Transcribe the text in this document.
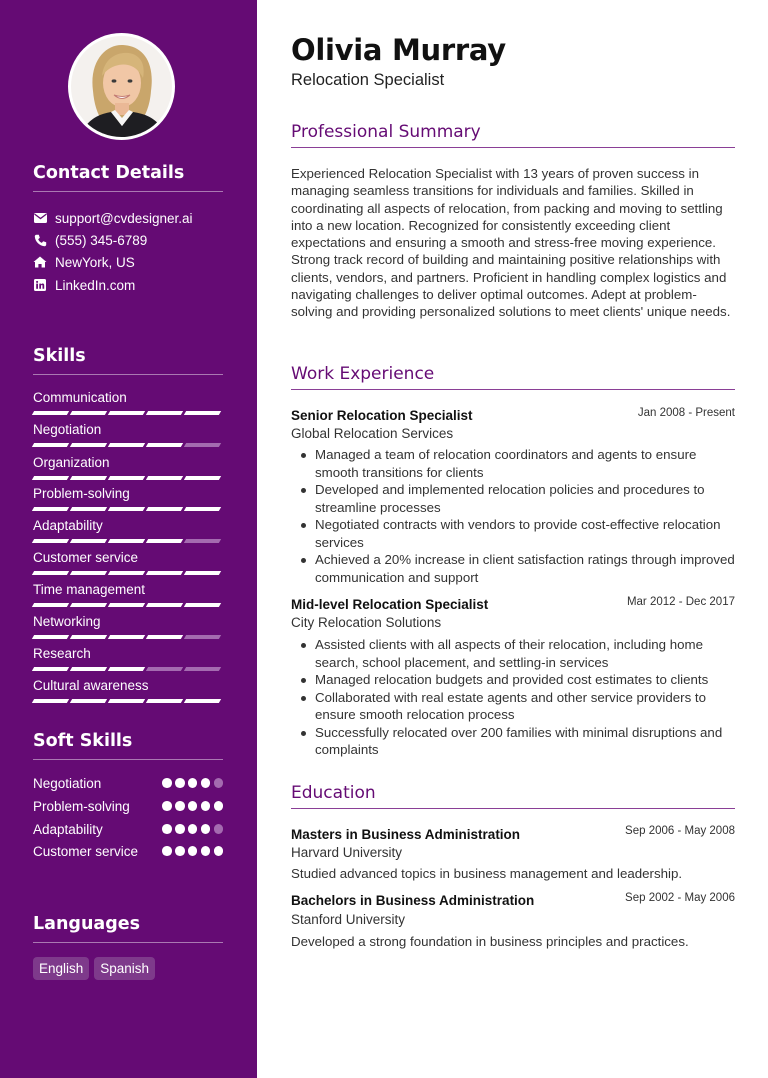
Contact Details
support@cvdesigner.ai
(555) 345-6789
NewYork, US
LinkedIn.com
Skills
Communication
Negotiation
Organization
Problem-solving
Adaptability
Customer service
Time management
Networking
Research
Cultural awareness
Soft Skills
Negotiation
Problem-solving
Adaptability
Customer service
Languages
English	Spanish
Olivia Murray
Relocation Specialist
Professional Summary
Experienced Relocation Specialist with 13 years of proven success in managing seamless transitions for individuals and families. Skilled in coordinating all aspects of relocation, from packing and moving to settling into a new location. Recognized for consistently exceeding client expectations and ensuring a smooth and stress-free moving experience. Strong track record of building and maintaining positive relationships with clients, vendors, and partners. Proficient in handling complex logistics and navigating challenges to deliver optimal outcomes. Adept at problem-solving and providing personalized solutions to meet clients' unique needs.
Work Experience
Senior Relocation Specialist	Jan 2008 - Present
Global Relocation Services
Managed a team of relocation coordinators and agents to ensure smooth transitions for clients
Developed and implemented relocation policies and procedures to streamline processes
Negotiated contracts with vendors to provide cost-effective relocation services
Achieved a 20% increase in client satisfaction ratings through improved communication and support
Mid-level Relocation Specialist	Mar 2012 - Dec 2017
City Relocation Solutions
Assisted clients with all aspects of their relocation, including home search, school placement, and settling-in services
Managed relocation budgets and provided cost estimates to clients
Collaborated with real estate agents and other service providers to ensure smooth relocation process
Successfully relocated over 200 families with minimal disruptions and complaints
Education
Masters in Business Administration	Sep 2006 - May 2008
Harvard University
Studied advanced topics in business management and leadership.
Bachelors in Business Administration	Sep 2002 - May 2006
Stanford University
Developed a strong foundation in business principles and practices.
